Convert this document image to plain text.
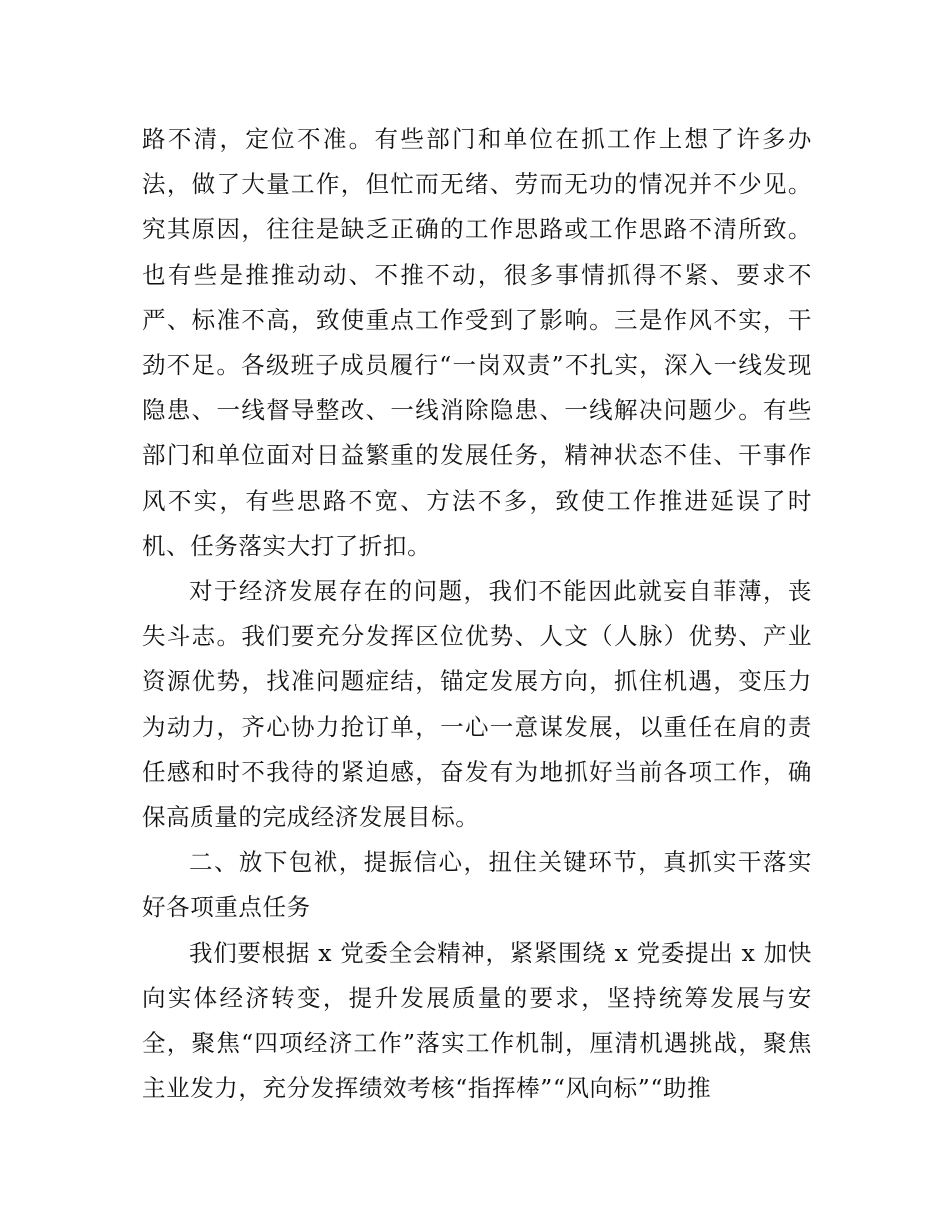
路不清，定位不准。有些部门和单位在抓工作上想了许多办法，做了大量工作，但忙而无绪、劳而无功的情况并不少见。究其原因，往往是缺乏正确的工作思路或工作思路不清所致。也有些是推推动动、不推不动，很多事情抓得不紧、要求不严、标准不高，致使重点工作受到了影响。三是作风不实，干劲不足。各级班子成员履行“一岗双责”不扎实，深入一线发现隐患、一线督导整改、一线消除隐患、一线解决问题少。有些部门和单位面对日益繁重的发展任务，精神状态不佳、干事作风不实，有些思路不宽、方法不多，致使工作推进延误了时机、任务落实大打了折扣。

对于经济发展存在的问题，我们不能因此就妄自菲薄，丧失斗志。我们要充分发挥区位优势、人文（人脉）优势、产业资源优势，找准问题症结，锚定发展方向，抓住机遇，变压力为动力，齐心协力抢订单，一心一意谋发展，以重任在肩的责任感和时不我待的紧迫感，奋发有为地抓好当前各项工作，确保高质量的完成经济发展目标。

二、放下包袱，提振信心，扭住关键环节，真抓实干落实好各项重点任务

我们要根据 x 党委全会精神，紧紧围绕 x 党委提出 x 加快向实体经济转变，提升发展质量的要求，坚持统筹发展与安全，聚焦“四项经济工作”落实工作机制，厘清机遇挑战，聚焦主业发力，充分发挥绩效考核“指挥棒”“风向标”“助推
